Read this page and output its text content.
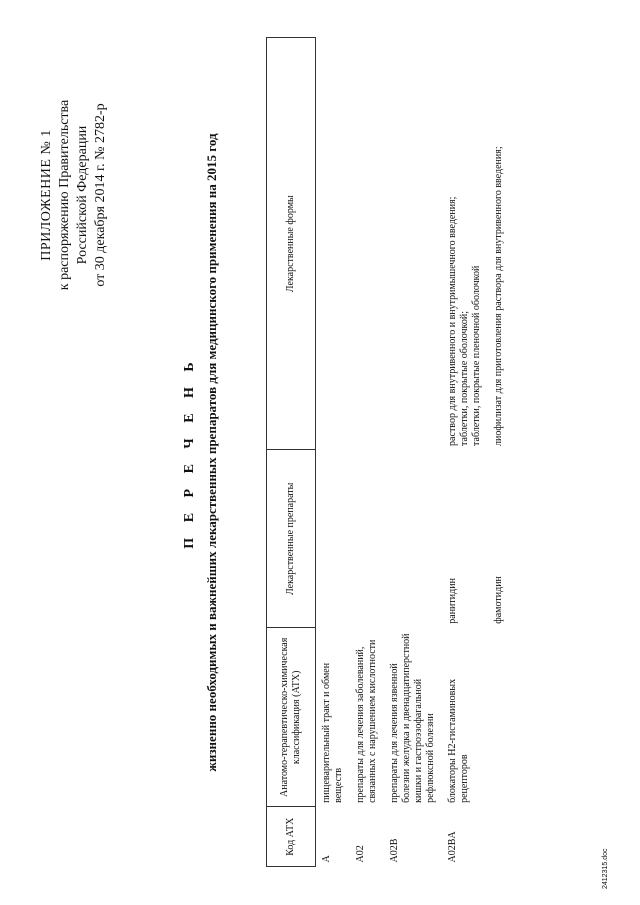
ПРИЛОЖЕНИЕ № 1 к распоряжению Правительства Российской Федерации от 30 декабря 2014 г. № 2782-р
П Е Р Е Ч Е Н Ь жизненно необходимых и важнейших лекарственных препаратов для медицинского применения на 2015 год
Код АТХ	Анатомо-терапевтическо-химическая классификация (АТХ)	Лекарственные препараты	Лекарственные формы
A	пищеварительный тракт и обмен веществ		
A02	препараты для лечения заболеваний, связанных с нарушением кислотности		
A02B	препараты для лечения язвенной болезни желудка и двенадцатиперстной кишки и гастроэзофагальной рефлюксной болезни		
A02BA	блокаторы H2-гистаминовых рецепторов	ранитидин	раствор для внутривенного и внутримышечного введения; таблетки, покрытые оболочкой; таблетки, покрытые пленочной оболочкой

		фамотидин	лиофилизат для приготовления раствора для внутривенного введения;
2412315.doc
